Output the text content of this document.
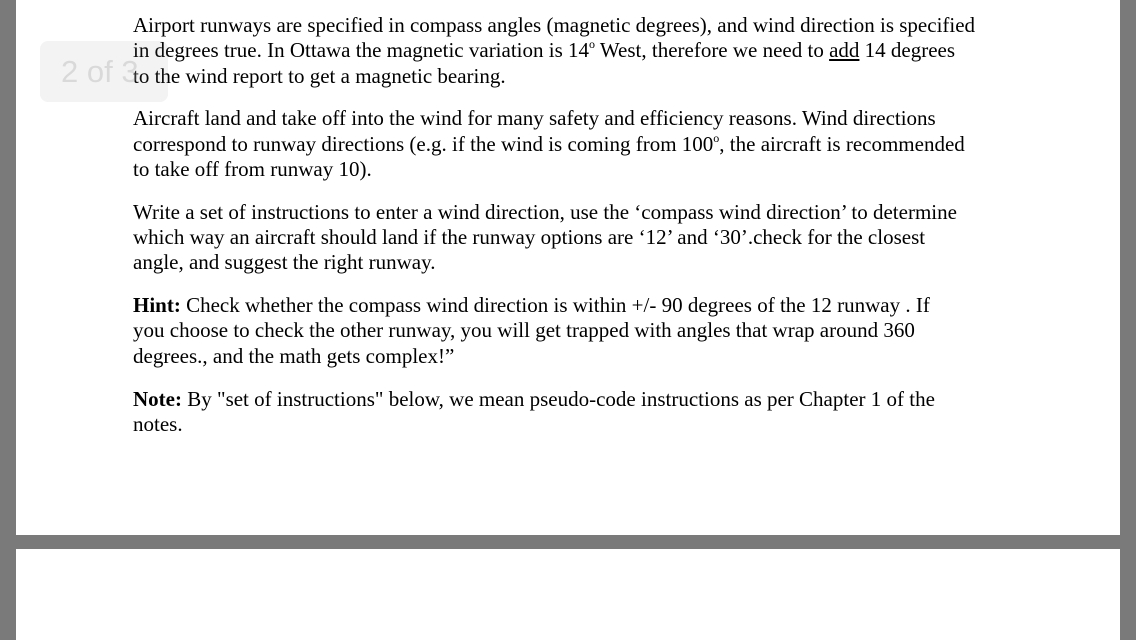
Airport runways are specified in compass angles (magnetic degrees), and wind direction is specified
in degrees true. In Ottawa the magnetic variation is 14$^o$ West, therefore we need to add 14 degrees
to the wind report to get a magnetic bearing.

Aircraft land and take off into the wind for many safety and efficiency reasons. Wind directions
correspond to runway directions (e.g. if the wind is coming from 100$^o$, the aircraft is recommended
to take off from runway 10).

Write a set of instructions to enter a wind direction, use the ‘compass wind direction’ to determine
which way an aircraft should land if the runway options are ‘12’ and ‘30’.check for the closest
angle, and suggest the right runway.

Hint: Check whether the compass wind direction is within +/- 90 degrees of the 12 runway . If
you choose to check the other runway, you will get trapped with angles that wrap around 360
degrees., and the math gets complex!”

Note: By "set of instructions" below, we mean pseudo-code instructions as per Chapter 1 of the
notes.

2 of 3
